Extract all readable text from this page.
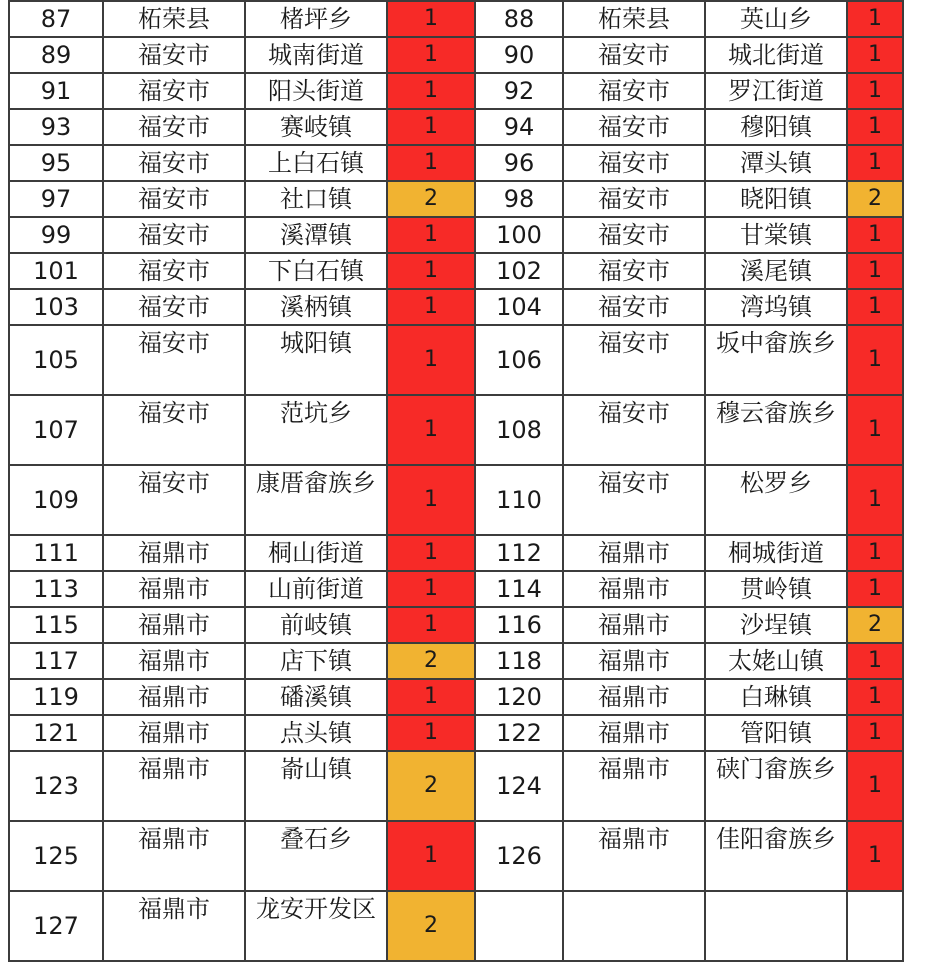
87	柘荣县	楮坪乡	1	88	柘荣县	英山乡	1
89	福安市	城南街道	1	90	福安市	城北街道	1
91	福安市	阳头街道	1	92	福安市	罗江街道	1
93	福安市	赛岐镇	1	94	福安市	穆阳镇	1
95	福安市	上白石镇	1	96	福安市	潭头镇	1
97	福安市	社口镇	2	98	福安市	晓阳镇	2
99	福安市	溪潭镇	1	100	福安市	甘棠镇	1
101	福安市	下白石镇	1	102	福安市	溪尾镇	1
103	福安市	溪柄镇	1	104	福安市	湾坞镇	1
105	福安市	城阳镇	1	106	福安市	坂中畲族乡	1
107	福安市	范坑乡	1	108	福安市	穆云畲族乡	1
109	福安市	康厝畲族乡	1	110	福安市	松罗乡	1
111	福鼎市	桐山街道	1	112	福鼎市	桐城街道	1
113	福鼎市	山前街道	1	114	福鼎市	贯岭镇	1
115	福鼎市	前岐镇	1	116	福鼎市	沙埕镇	2
117	福鼎市	店下镇	2	118	福鼎市	太姥山镇	1
119	福鼎市	磻溪镇	1	120	福鼎市	白琳镇	1
121	福鼎市	点头镇	1	122	福鼎市	管阳镇	1
123	福鼎市	嵛山镇	2	124	福鼎市	硖门畲族乡	1
125	福鼎市	叠石乡	1	126	福鼎市	佳阳畲族乡	1
127	福鼎市	龙安开发区	2				
